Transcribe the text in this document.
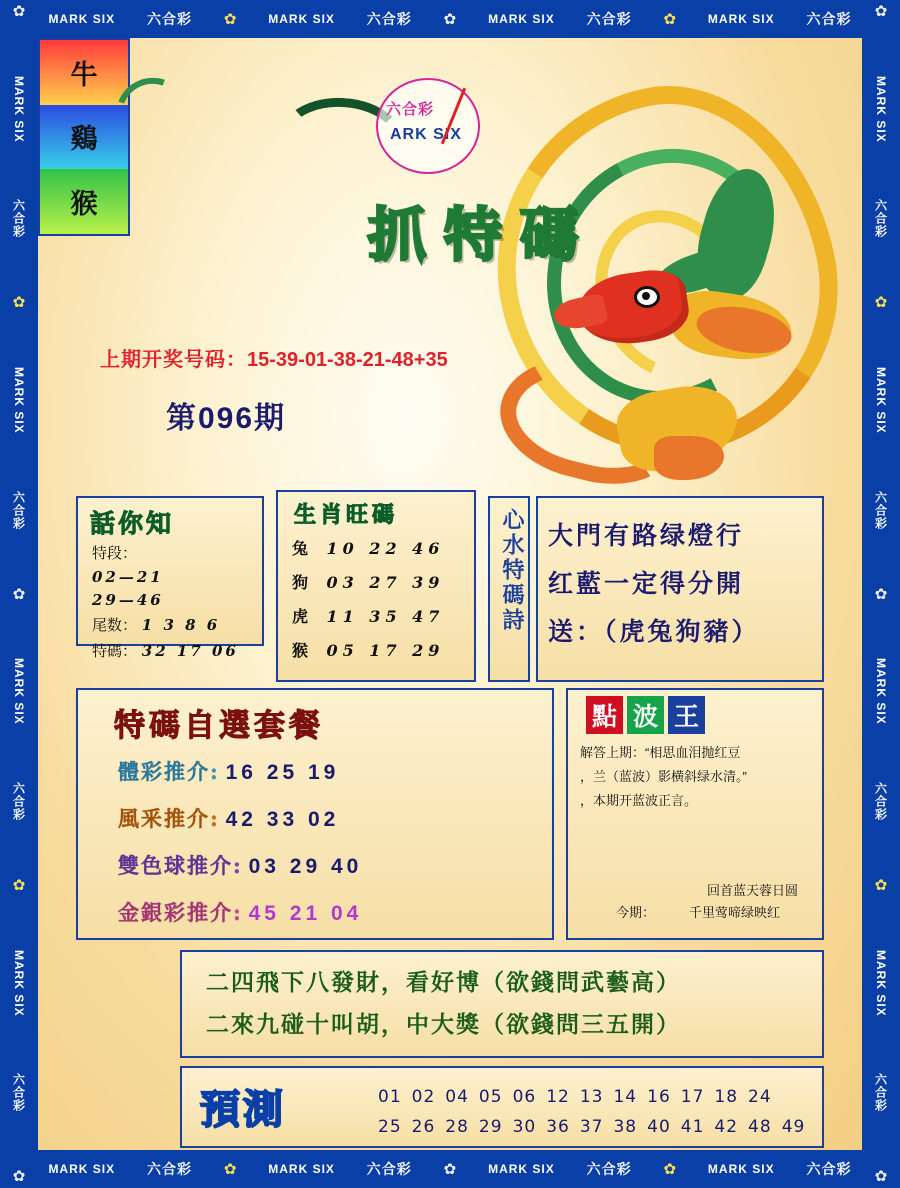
MARK SIX 六合彩 ✿	MARK SIX 六合彩 ✿	MARK SIX 六合彩 ✿	MARK SIX 六合彩
MARK SIX 六合彩 ✿	MARK SIX 六合彩 ✿	MARK SIX 六合彩 ✿	MARK SIX 六合彩
✿
MARK SIX
六合彩
✿
MARK SIX
六合彩
✿
MARK SIX
六合彩
✿
MARK SIX
六合彩
✿
✿
MARK SIX
六合彩
✿
MARK SIX
六合彩
✿
MARK SIX
六合彩
✿
MARK SIX
六合彩
✿
六合彩
ARK SIX
抓特碼
上期开奖号码：15-39-01-38-21-48+35
第096期
話你知
特段：
02—21
29—46
尾数： 1 3 8 6
特碼： 32 17 06
生肖旺碼
兔 10 22 46
狗 03 27 39
虎 11 35 47
猴 05 17 29
心水特碼詩 大門有路绿燈行
红藍一定得分開
送：（虎兔狗豬）
特碼自選套餐
體彩推介: 16 25 19
風釆推介: 42 33 02
雙色球推介: 03 29 40
金銀彩推介: 45 21 04
點 波 王

解答上期：“相思血泪抛红豆

，兰（蓝波）影横斜绿水清。”

，本期开蓝波正言。

回首蓝天蓉日圆
今期：	千里莺啼绿映红
牛
鷄
猴
二四飛下八發財，看好博（欲錢問武藝高）
二來九碰十叫胡，中大獎（欲錢問三五開）
預測	01 02 04 05 06 12 13 14 16 17 18 24
25 26 28 29 30 36 37 38 40 41 42 48 49
